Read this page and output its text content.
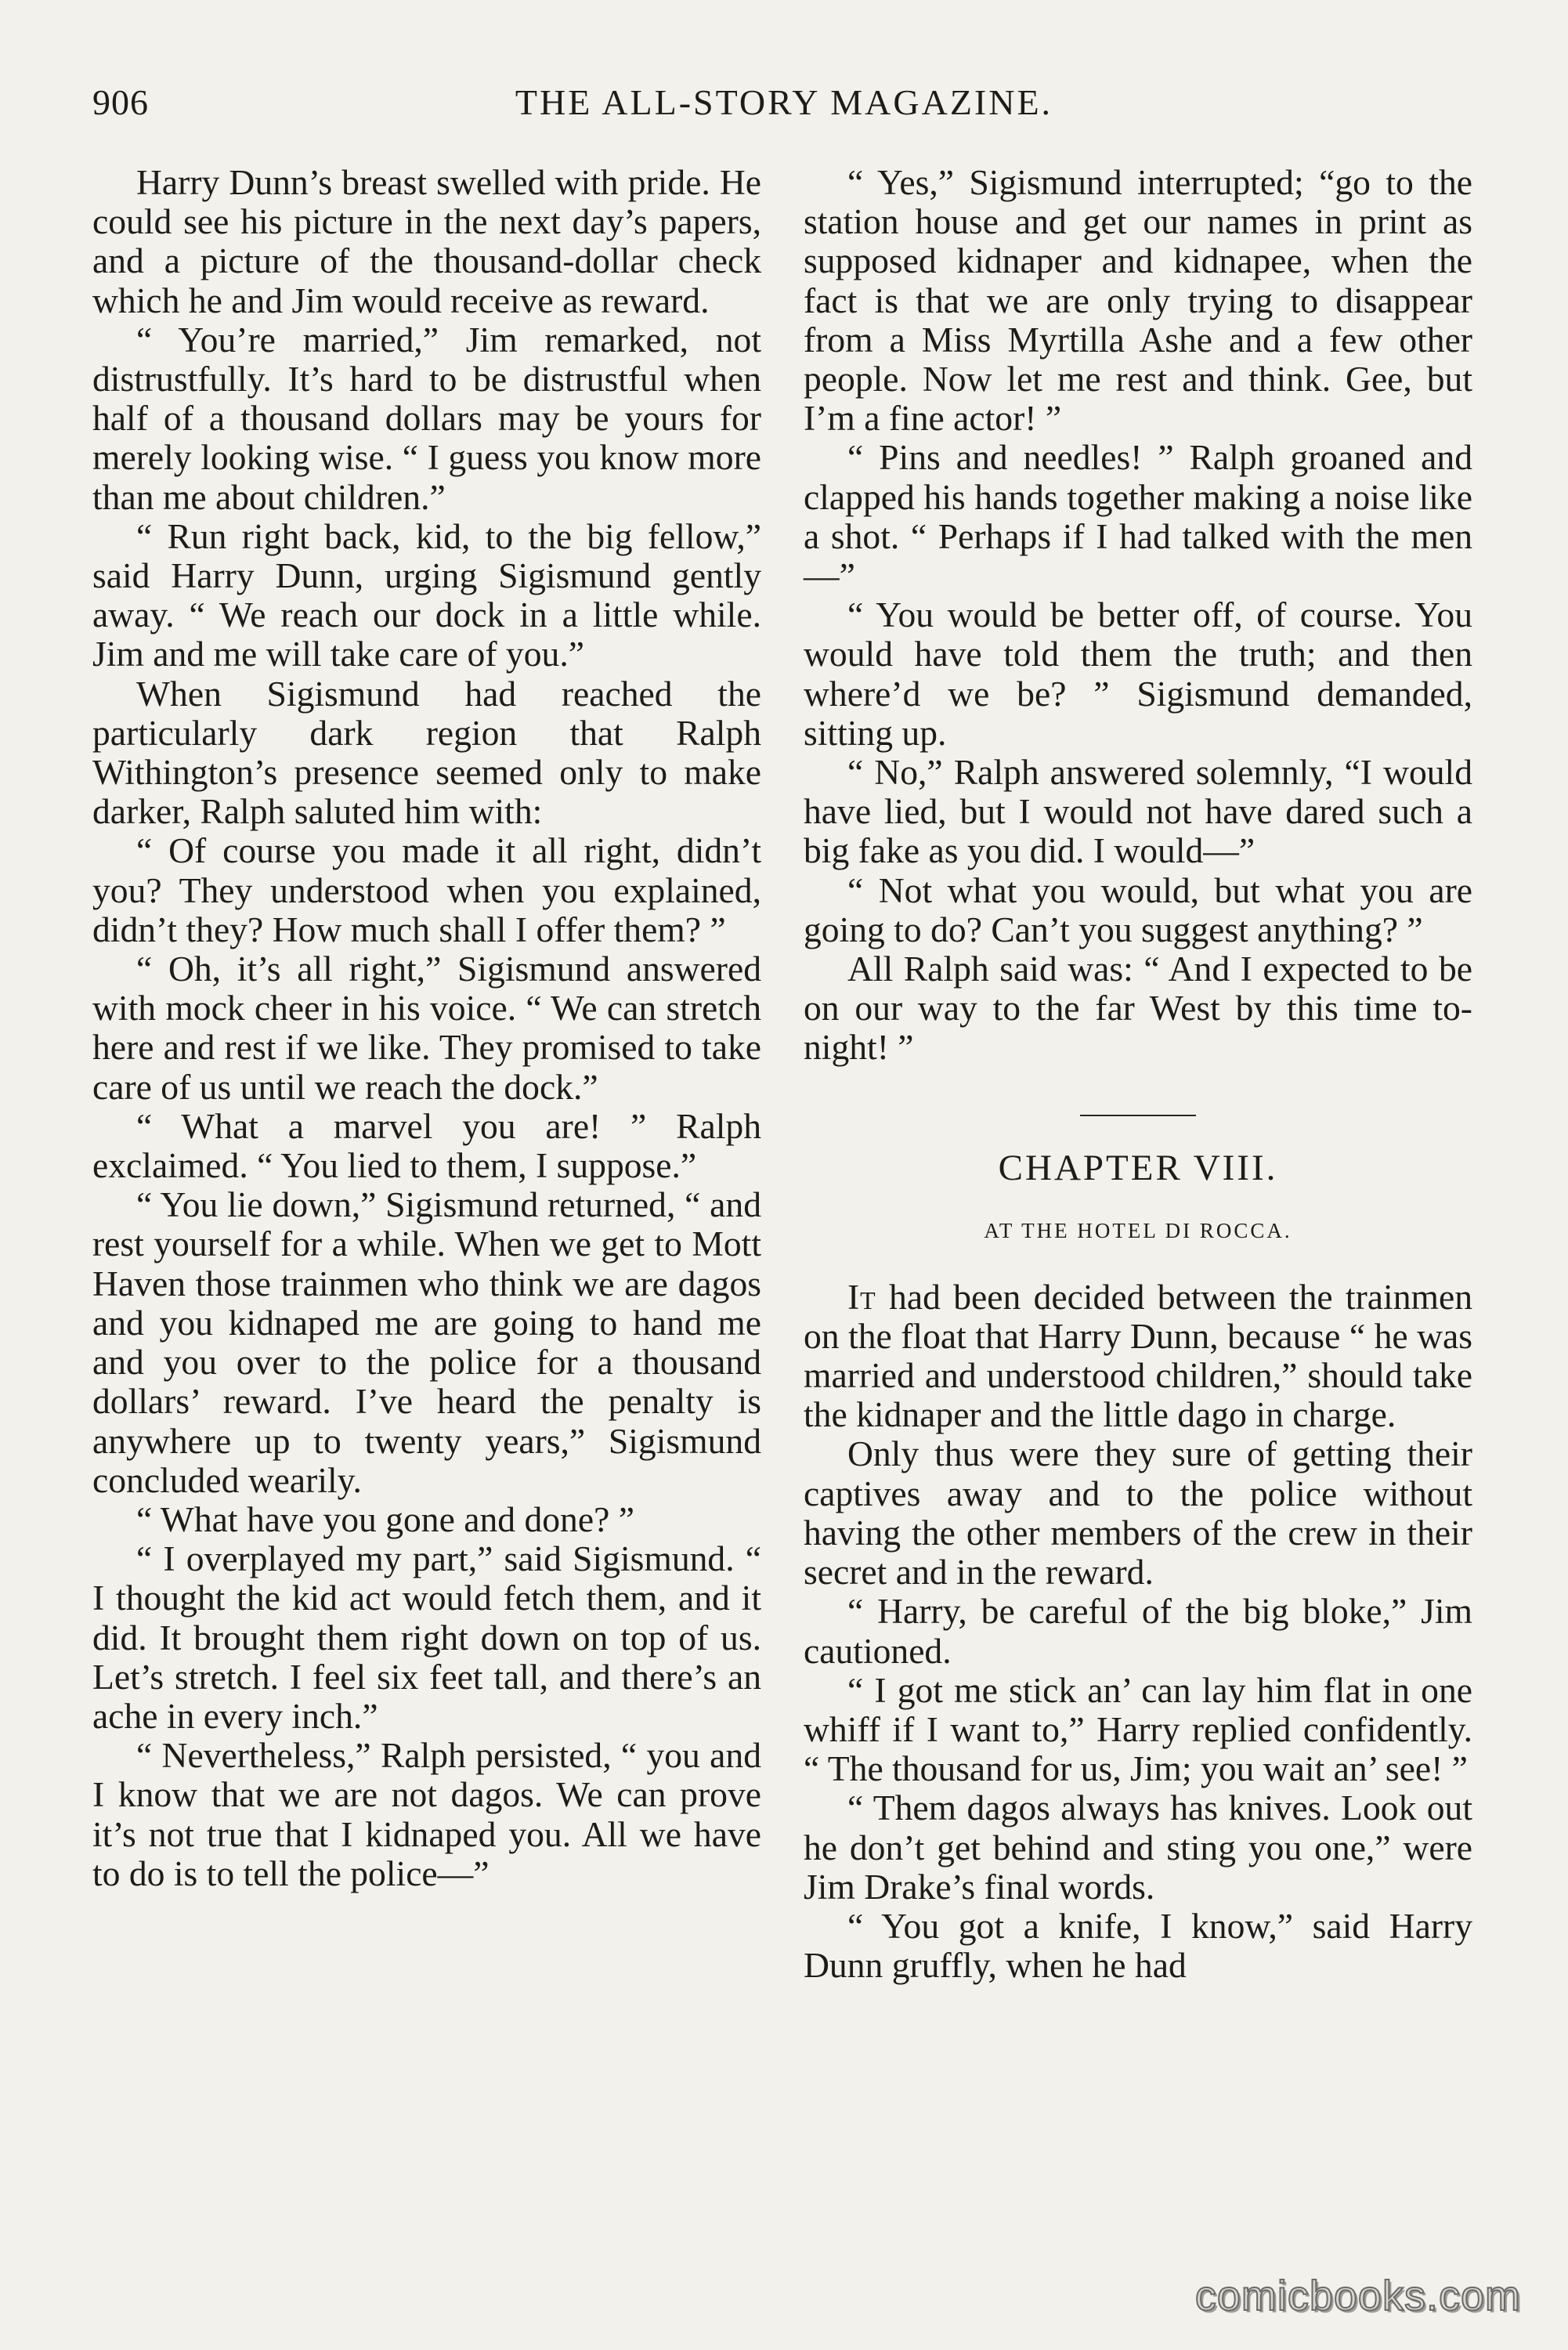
906	THE ALL-STORY MAGAZINE.

Harry Dunn’s breast swelled with pride. He could see his picture in the next day’s papers, and a picture of the thousand-dollar check which he and Jim would receive as reward.

“ You’re married,” Jim remarked, not distrustfully. It’s hard to be distrustful when half of a thousand dollars may be yours for merely looking wise. “ I guess you know more than me about children.”

“ Run right back, kid, to the big fellow,” said Harry Dunn, urging Sigismund gently away. “ We reach our dock in a little while. Jim and me will take care of you.”

When Sigismund had reached the particularly dark region that Ralph Withington’s presence seemed only to make darker, Ralph saluted him with:

“ Of course you made it all right, didn’t you? They understood when you explained, didn’t they? How much shall I offer them? ”

“ Oh, it’s all right,” Sigismund answered with mock cheer in his voice. “ We can stretch here and rest if we like. They promised to take care of us until we reach the dock.”

“ What a marvel you are! ” Ralph exclaimed. “ You lied to them, I suppose.”

“ You lie down,” Sigismund returned, “ and rest yourself for a while. When we get to Mott Haven those trainmen who think we are dagos and you kidnaped me are going to hand me and you over to the police for a thousand dollars’ reward. I’ve heard the penalty is anywhere up to twenty years,” Sigismund concluded wearily.

“ What have you gone and done? ”

“ I overplayed my part,” said Sigismund. “ I thought the kid act would fetch them, and it did. It brought them right down on top of us. Let’s stretch. I feel six feet tall, and there’s an ache in every inch.”

“ Nevertheless,” Ralph persisted, “ you and I know that we are not dagos. We can prove it’s not true that I kidnaped you. All we have to do is to tell the police—”

“ Yes,” Sigismund interrupted; “go to the station house and get our names in print as supposed kidnaper and kidnapee, when the fact is that we are only trying to disappear from a Miss Myrtilla Ashe and a few other people. Now let me rest and think. Gee, but I’m a fine actor! ”

“ Pins and needles! ” Ralph groaned and clapped his hands together making a noise like a shot. “ Perhaps if I had talked with the men—”

“ You would be better off, of course. You would have told them the truth; and then where’d we be? ” Sigismund demanded, sitting up.

“ No,” Ralph answered solemnly, “I would have lied, but I would not have dared such a big fake as you did. I would—”

“ Not what you would, but what you are going to do? Can’t you suggest anything? ”

All Ralph said was: “ And I expected to be on our way to the far West by this time to-night! ”

CHAPTER VIII.
AT THE HOTEL DI ROCCA.

It had been decided between the trainmen on the float that Harry Dunn, because “ he was married and understood children,” should take the kidnaper and the little dago in charge.

Only thus were they sure of getting their captives away and to the police without having the other members of the crew in their secret and in the reward.

“ Harry, be careful of the big bloke,” Jim cautioned.

“ I got me stick an’ can lay him flat in one whiff if I want to,” Harry replied confidently. “ The thousand for us, Jim; you wait an’ see! ”

“ Them dagos always has knives. Look out he don’t get behind and sting you one,” were Jim Drake’s final words.

“ You got a knife, I know,” said Harry Dunn gruffly, when he had

comicbooks.com
